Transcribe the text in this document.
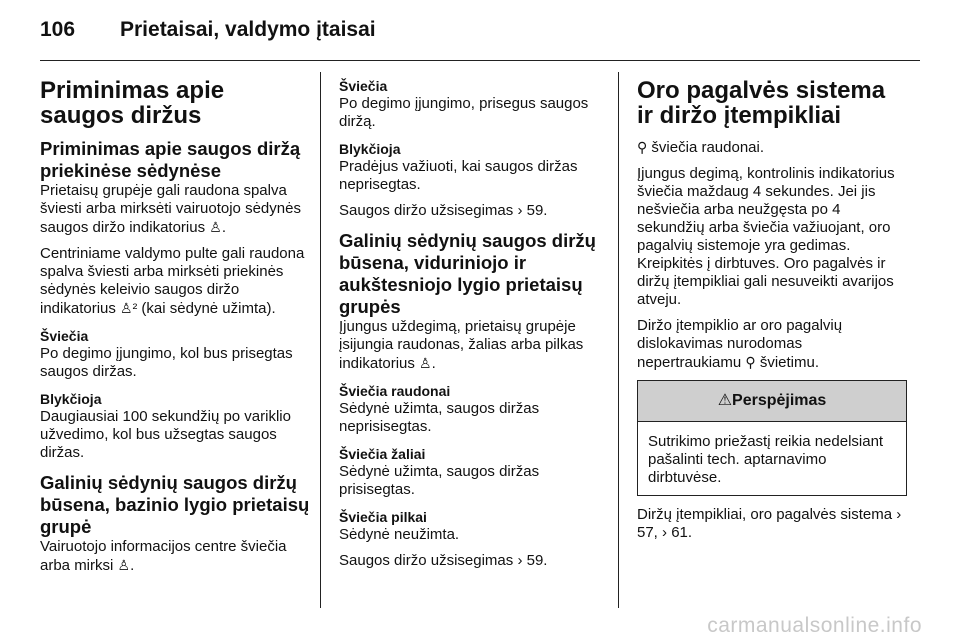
106 Prietaisai, valdymo įtaisai
Priminimas apie saugos diržus
Priminimas apie saugos diržą priekinėse sėdynėse

Prietaisų grupėje gali raudona spalva šviesti arba mirksėti vairuotojo sėdynės saugos diržo indikatorius ♙.

Centriniame valdymo pulte gali raudona spalva šviesti arba mirksėti priekinės sėdynės keleivio saugos diržo indikatorius ♙² (kai sėdynė užimta).

Šviečia

Po degimo įjungimo, kol bus prisegtas saugos diržas.

Blykčioja

Daugiausiai 100 sekundžių po variklio užvedimo, kol bus užsegtas saugos diržas.

Galinių sėdynių saugos diržų būsena, bazinio lygio prietaisų grupė

Vairuotojo informacijos centre šviečia arba mirksi ♙.

Šviečia

Po degimo įjungimo, prisegus saugos diržą.

Blykčioja

Pradėjus važiuoti, kai saugos diržas neprisegtas.

Saugos diržo užsisegimas › 59.

Galinių sėdynių saugos diržų būsena, viduriniojo ir aukštesniojo lygio prietaisų grupės

Įjungus uždegimą, prietaisų grupėje įsijungia raudonas, žalias arba pilkas indikatorius ♙.

Šviečia raudonai

Sėdynė užimta, saugos diržas neprisisegtas.

Šviečia žaliai

Sėdynė užimta, saugos diržas prisisegtas.

Šviečia pilkai

Sėdynė neužimta.

Saugos diržo užsisegimas › 59.

Oro pagalvės sistema ir diržo įtempikliai

⚲ šviečia raudonai.

Įjungus degimą, kontrolinis indikatorius šviečia maždaug 4 sekundes. Jei jis nešviečia arba neužgęsta po 4 sekundžių arba šviečia važiuojant, oro pagalvių sistemoje yra gedimas. Kreipkitės į dirbtuves. Oro pagalvės ir diržų įtempikliai gali nesuveikti avarijos atveju.

Diržo įtempiklio ar oro pagalvių dislokavimas nurodomas nepertraukiamu ⚲ švietimu.

⚠Perspėjimas

Sutrikimo priežastį reikia nedelsiant pašalinti tech. aptarnavimo dirbtuvėse.

Diržų įtempikliai, oro pagalvės sistema › 57, › 61.

carmanualsonline.info
